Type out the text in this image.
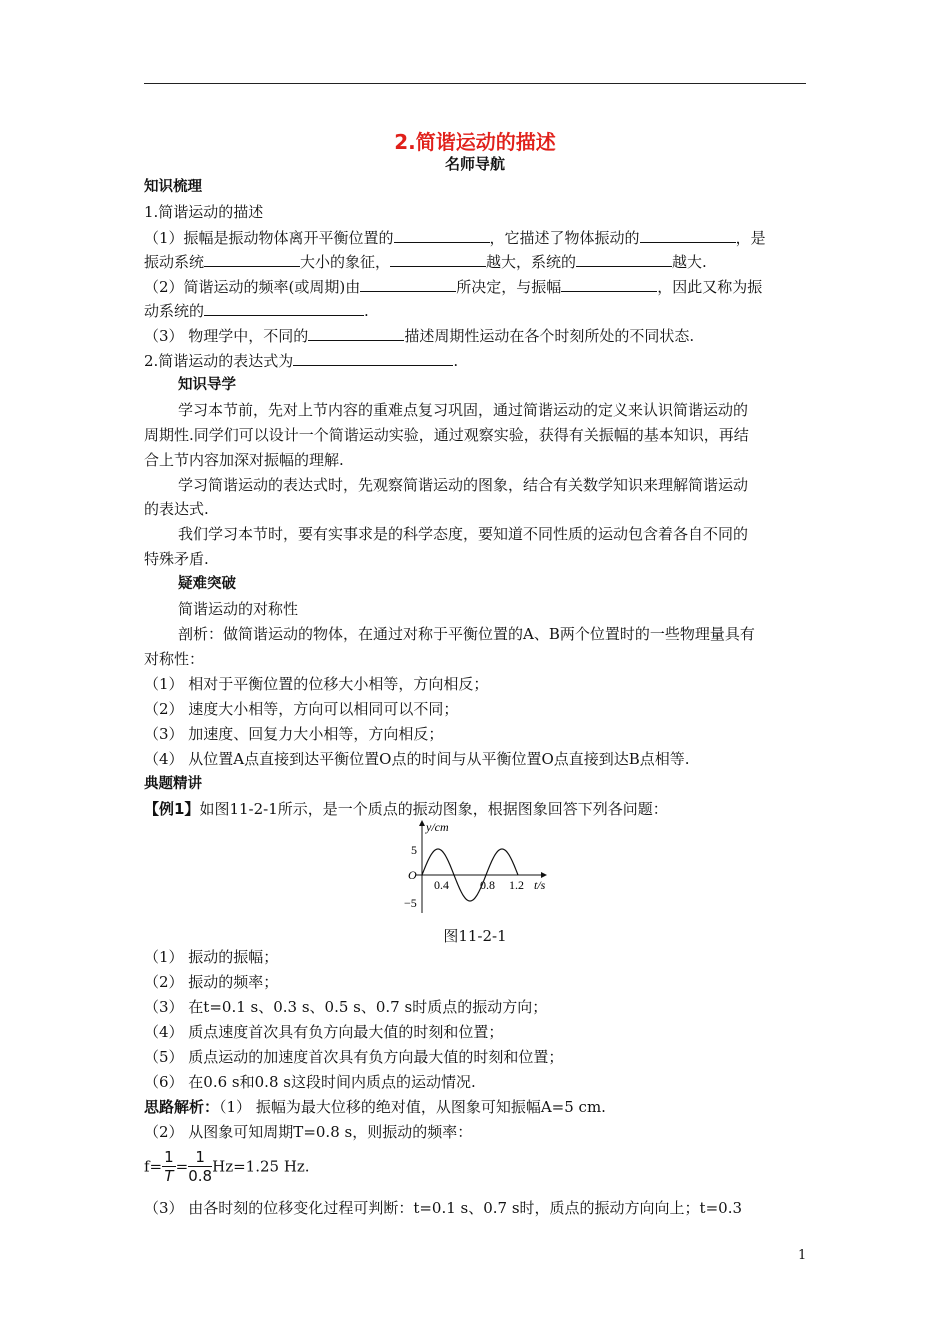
2.简谐运动的描述
名师导航
知识梳理
1.简谐运动的描述
（1）振幅是振动物体离开平衡位置的	，它描述了物体振动的	，是
振动系统	大小的象征，	越大，系统的	越大.
（2）简谐运动的频率(或周期)由	所决定，与振幅	，因此又称为振
动系统的	.
（3） 物理学中，不同的	描述周期性运动在各个时刻所处的不同状态.
2.简谐运动的表达式为	.
知识导学
学习本节前，先对上节内容的重难点复习巩固，通过简谐运动的定义来认识简谐运动的
周期性.同学们可以设计一个简谐运动实验，通过观察实验，获得有关振幅的基本知识，再结
合上节内容加深对振幅的理解.
学习简谐运动的表达式时，先观察简谐运动的图象，结合有关数学知识来理解简谐运动
的表达式.
我们学习本节时，要有实事求是的科学态度，要知道不同性质的运动包含着各自不同的
特殊矛盾.
疑难突破
简谐运动的对称性
剖析：做简谐运动的物体，在通过对称于平衡位置的A、B两个位置时的一些物理量具有
对称性：
（1） 相对于平衡位置的位移大小相等，方向相反；
（2） 速度大小相等，方向可以相同可以不同；
（3） 加速度、回复力大小相等，方向相反；
（4） 从位置A点直接到达平衡位置O点的时间与从平衡位置O点直接到达B点相等.
典题精讲
【例1】如图11-2-1所示，是一个质点的振动图象，根据图象回答下列各问题：
y/cm
t/s
O
5
−5
0.4	0.8 1.2
图11-2-1
（1） 振动的振幅；
（2） 振动的频率；
（3） 在t=0.1 s、0.3 s、0.5 s、0.7 s时质点的振动方向；
（4） 质点速度首次具有负方向最大值的时刻和位置；
（5） 质点运动的加速度首次具有负方向最大值的时刻和位置；
（6） 在0.6 s和0.8 s这段时间内质点的运动情况.
思路解析：（1） 振幅为最大位移的绝对值，从图象可知振幅A=5 cm.
（2） 从图象可知周期T=0.8 s，则振动的频率：
$f= \frac{1}{T} = \frac{1}{0.8} Hz=1.25$ Hz.
（3） 由各时刻的位移变化过程可判断：t=0.1 s、0.7 s时，质点的振动方向向上；t=0.3
1
